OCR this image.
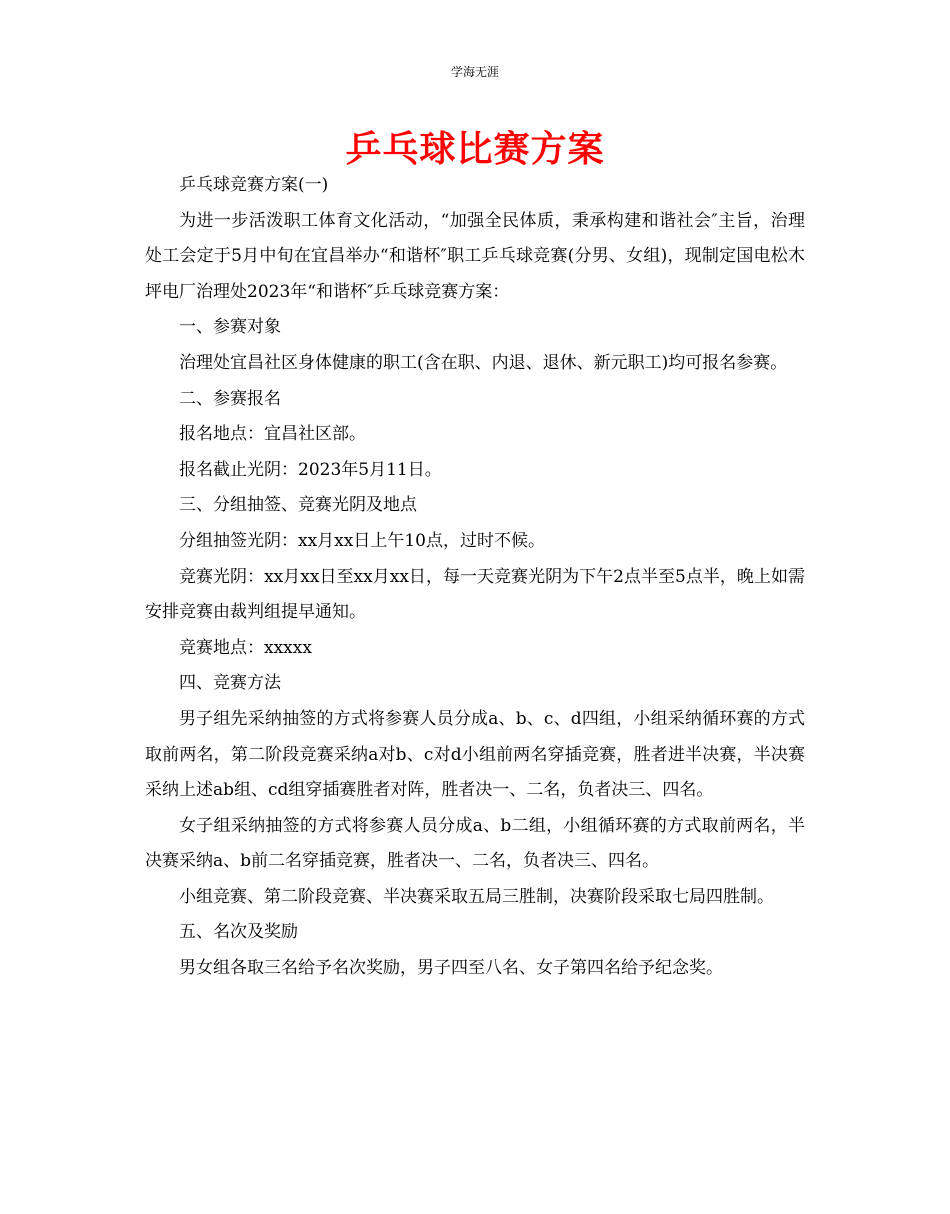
学海无涯
乒乓球比赛方案

乒乓球竞赛方案(一)

为进一步活泼职工体育文化活动，“加强全民体质，秉承构建和谐社会″主旨，治理处工会定于5月中旬在宜昌举办“和谐杯″职工乒乓球竞赛(分男、女组)，现制定国电松木坪电厂治理处2023年“和谐杯″乒乓球竞赛方案：

一、参赛对象

治理处宜昌社区身体健康的职工(含在职、内退、退休、新元职工)均可报名参赛。

二、参赛报名

报名地点：宜昌社区部。

报名截止光阴：2023年5月11日。

三、分组抽签、竞赛光阴及地点

分组抽签光阴：xx月xx日上午10点，过时不候。

竞赛光阴：xx月xx日至xx月xx日，每一天竞赛光阴为下午2点半至5点半，晚上如需安排竞赛由裁判组提早通知。

竞赛地点：xxxxx

四、竞赛方法

男子组先采纳抽签的方式将参赛人员分成a、b、c、d四组，小组采纳循环赛的方式取前两名，第二阶段竞赛采纳a对b、c对d小组前两名穿插竞赛，胜者进半决赛，半决赛采纳上述ab组、cd组穿插赛胜者对阵，胜者决一、二名，负者决三、四名。

女子组采纳抽签的方式将参赛人员分成a、b二组，小组循环赛的方式取前两名，半决赛采纳a、b前二名穿插竞赛，胜者决一、二名，负者决三、四名。

小组竞赛、第二阶段竞赛、半决赛采取五局三胜制，决赛阶段采取七局四胜制。

五、名次及奖励

男女组各取三名给予名次奖励，男子四至八名、女子第四名给予纪念奖。
